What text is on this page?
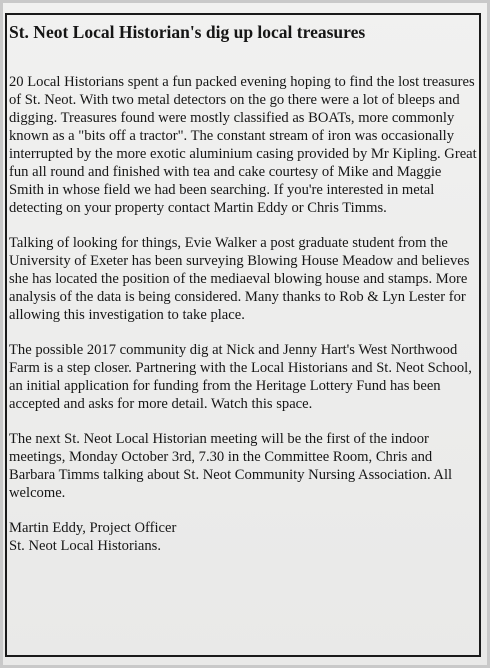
St. Neot Local Historian's dig up local treasures

20 Local Historians spent a fun packed evening hoping to find the lost treasures of St. Neot. With two metal detectors on the go there were a lot of bleeps and digging. Treasures found were mostly classified as BOATs, more commonly known as a "bits off a tractor". The constant stream of iron was occasionally interrupted by the more exotic aluminium casing provided by Mr Kipling. Great fun all round and finished with tea and cake courtesy of Mike and Maggie Smith in whose field we had been searching. If you're interested in metal detecting on your property contact Martin Eddy or Chris Timms.

Talking of looking for things, Evie Walker a post graduate student from the University of Exeter has been surveying Blowing House Meadow and believes she has located the position of the mediaeval blowing house and stamps. More analysis of the data is being considered. Many thanks to Rob & Lyn Lester for allowing this investigation to take place.

The possible 2017 community dig at Nick and Jenny Hart's West Northwood Farm is a step closer. Partnering with the Local Historians and St. Neot School, an initial application for funding from the Heritage Lottery Fund has been accepted and asks for more detail. Watch this space.

The next St. Neot Local Historian meeting will be the first of the indoor meetings, Monday October 3rd, 7.30 in the Committee Room, Chris and Barbara Timms talking about St. Neot Community Nursing Association. All welcome.

Martin Eddy, Project Officer
St. Neot Local Historians.
